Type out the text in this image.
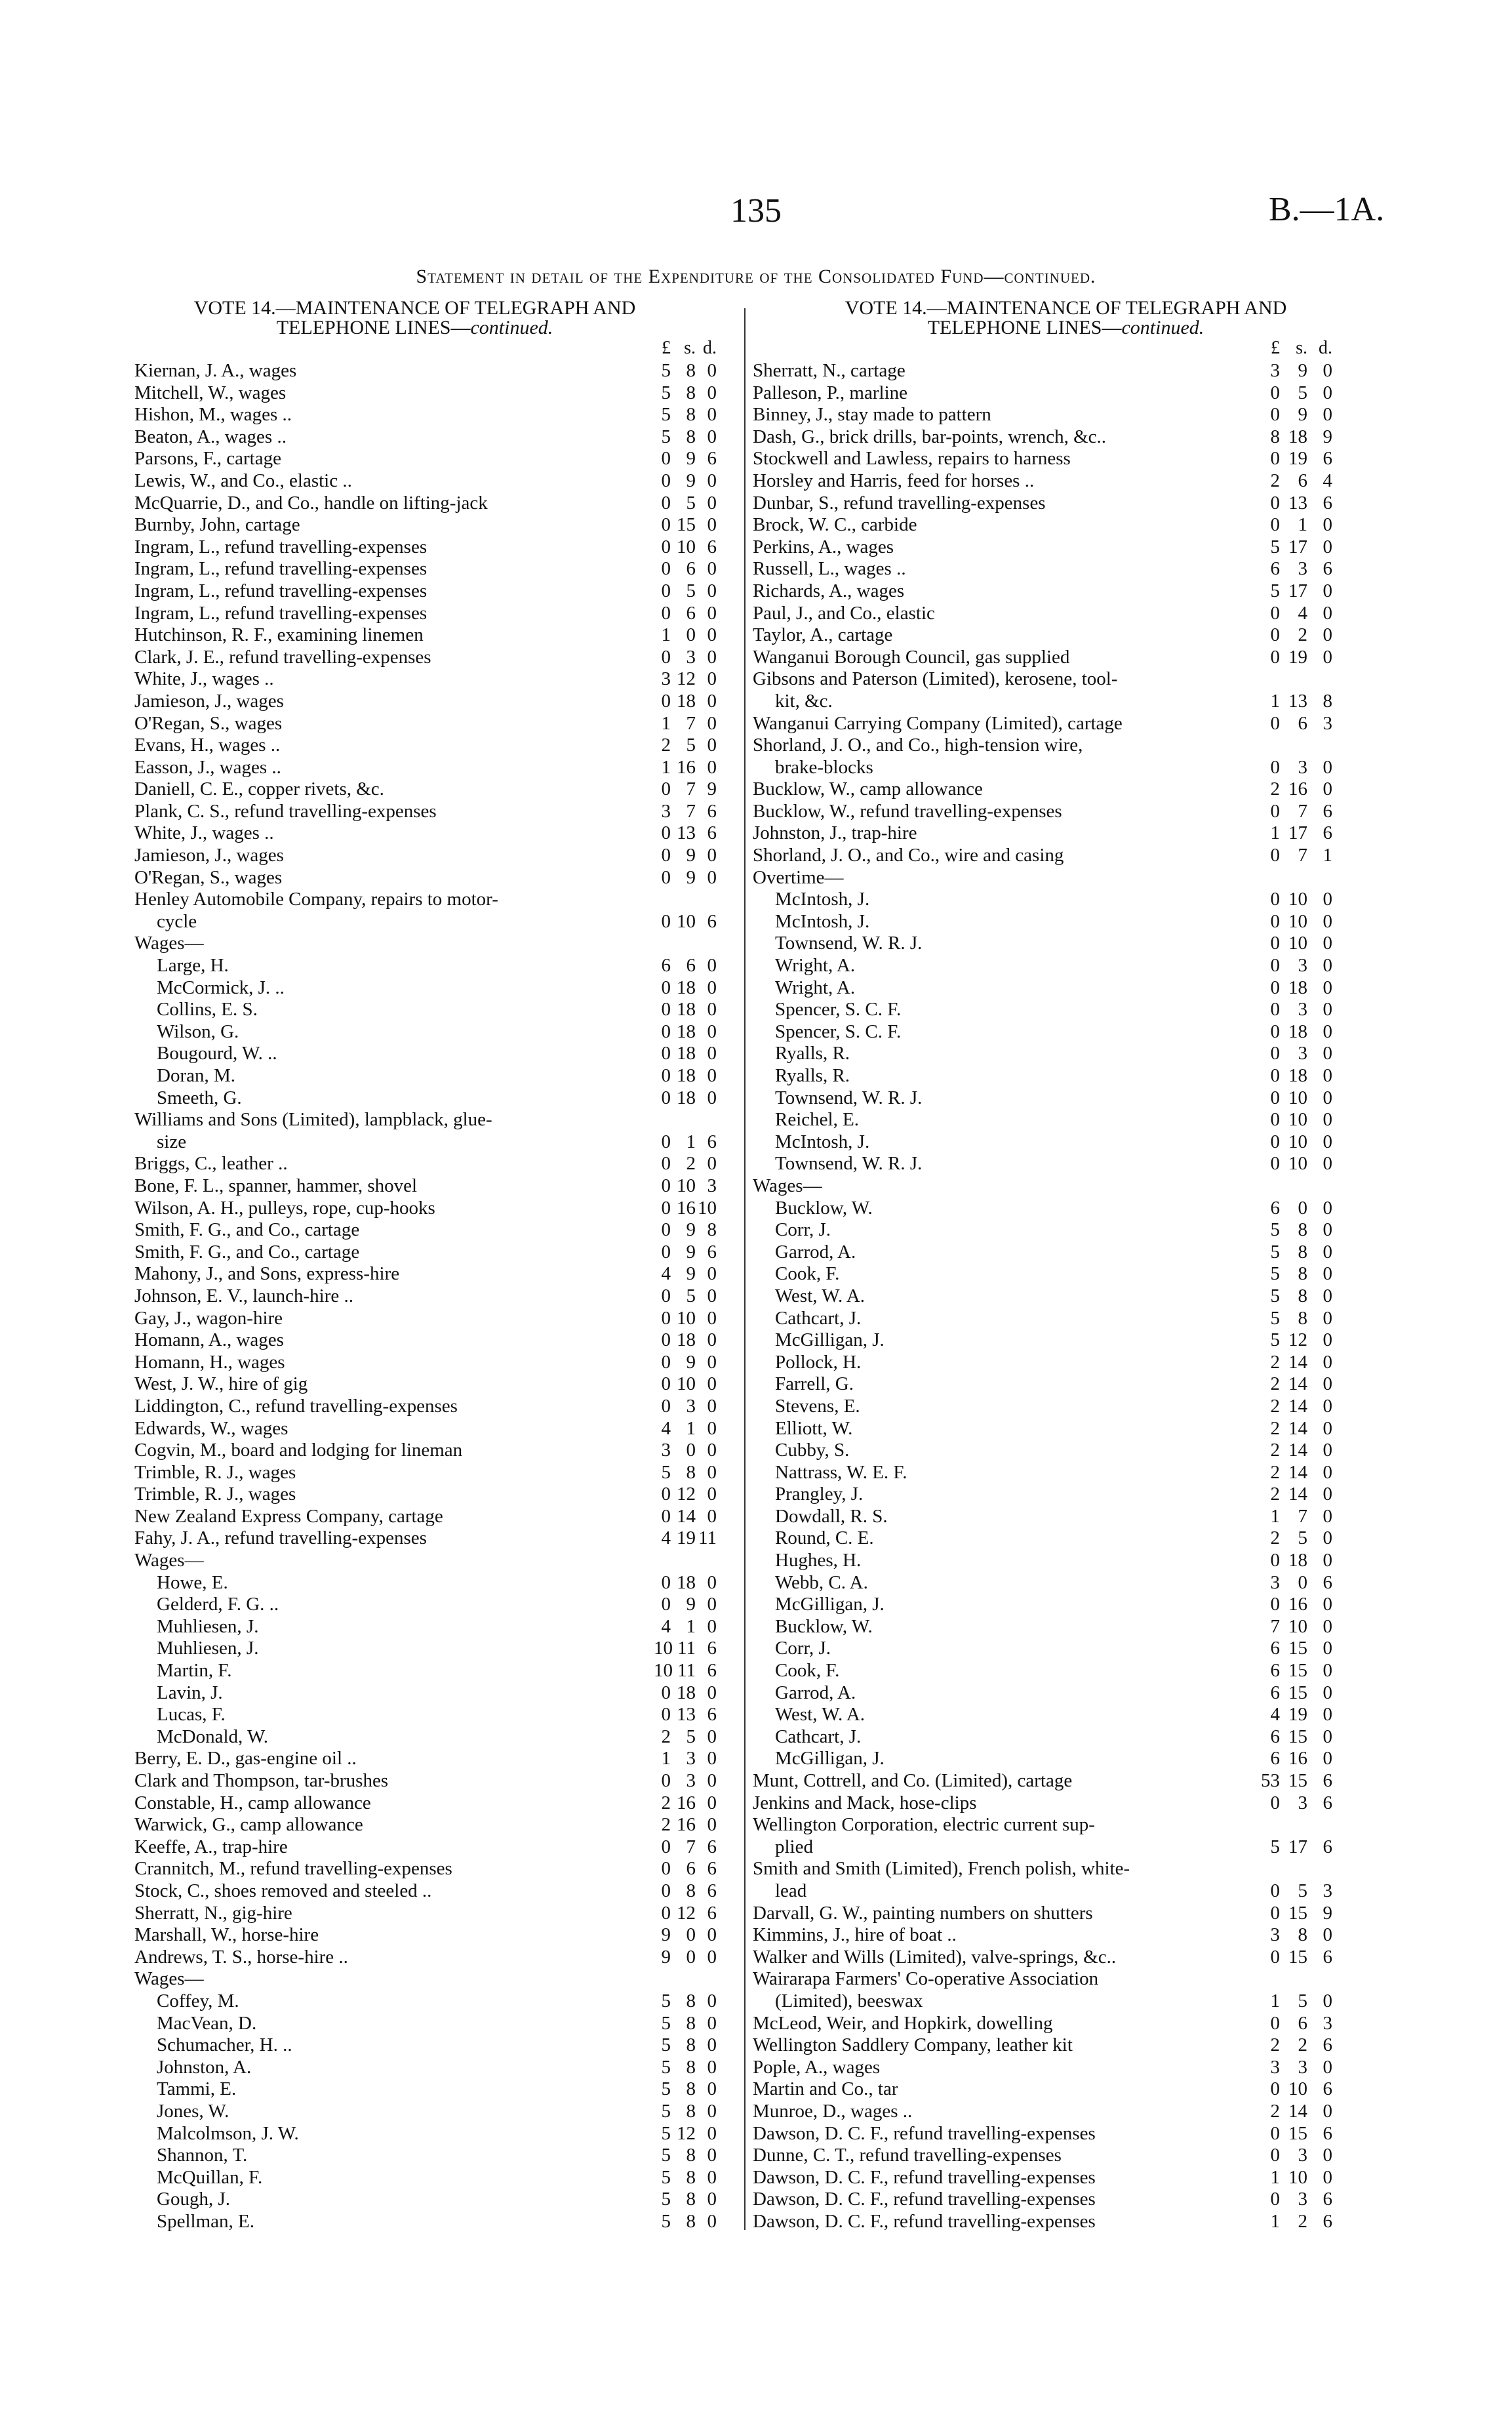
135	B.—1A.
Statement in detail of the Expenditure of the Consolidated Fund—continued.
VOTE 14.—MAINTENANCE OF TELEGRAPH AND
TELEPHONE LINES—continued.
£ s. d.
Kiernan, J. A., wages	5 8 0
Mitchell, W., wages	5 8 0
Hishon, M., wages ..	5 8 0
Beaton, A., wages ..	5 8 0
Parsons, F., cartage	0 9 6
Lewis, W., and Co., elastic ..	0 9 0
McQuarrie, D., and Co., handle on lifting-jack	0 5 0
Burnby, John, cartage	0 15 0
Ingram, L., refund travelling-expenses	0 10 6
Ingram, L., refund travelling-expenses	0 6 0
Ingram, L., refund travelling-expenses	0 5 0
Ingram, L., refund travelling-expenses	0 6 0
Hutchinson, R. F., examining linemen	1 0 0
Clark, J. E., refund travelling-expenses	0 3 0
White, J., wages ..	3 12 0
Jamieson, J., wages	0 18 0
O'Regan, S., wages	1 7 0
Evans, H., wages ..	2 5 0
Easson, J., wages ..	1 16 0
Daniell, C. E., copper rivets, &c.	0 7 9
Plank, C. S., refund travelling-expenses	3 7 6
White, J., wages ..	0 13 6
Jamieson, J., wages	0 9 0
O'Regan, S., wages	0 9 0
Henley Automobile Company, repairs to motor-
cycle	0 10 6
Wages—
Large, H.	6 6 0
McCormick, J. ..	0 18 0
Collins, E. S.	0 18 0
Wilson, G.	0 18 0
Bougourd, W. ..	0 18 0
Doran, M.	0 18 0
Smeeth, G.	0 18 0
Williams and Sons (Limited), lampblack, glue-
size	0 1 6
Briggs, C., leather ..	0 2 0
Bone, F. L., spanner, hammer, shovel	0 10 3
Wilson, A. H., pulleys, rope, cup-hooks	0 16 10
Smith, F. G., and Co., cartage	0 9 8
Smith, F. G., and Co., cartage	0 9 6
Mahony, J., and Sons, express-hire	4 9 0
Johnson, E. V., launch-hire ..	0 5 0
Gay, J., wagon-hire	0 10 0
Homann, A., wages	0 18 0
Homann, H., wages	0 9 0
West, J. W., hire of gig	0 10 0
Liddington, C., refund travelling-expenses	0 3 0
Edwards, W., wages	4 1 0
Cogvin, M., board and lodging for lineman	3 0 0
Trimble, R. J., wages	5 8 0
Trimble, R. J., wages	0 12 0
New Zealand Express Company, cartage	0 14 0
Fahy, J. A., refund travelling-expenses	4 19 11
Wages—
Howe, E.	0 18 0
Gelderd, F. G. ..	0 9 0
Muhliesen, J.	4 1 0
Muhliesen, J.	10 11 6
Martin, F.	10 11 6
Lavin, J.	0 18 0
Lucas, F.	0 13 6
McDonald, W.	2 5 0
Berry, E. D., gas-engine oil ..	1 3 0
Clark and Thompson, tar-brushes	0 3 0
Constable, H., camp allowance	2 16 0
Warwick, G., camp allowance	2 16 0
Keeffe, A., trap-hire	0 7 6
Crannitch, M., refund travelling-expenses	0 6 6
Stock, C., shoes removed and steeled ..	0 8 6
Sherratt, N., gig-hire	0 12 6
Marshall, W., horse-hire	9 0 0
Andrews, T. S., horse-hire ..	9 0 0
Wages—
Coffey, M.	5 8 0
MacVean, D.	5 8 0
Schumacher, H. ..	5 8 0
Johnston, A.	5 8 0
Tammi, E.	5 8 0
Jones, W.	5 8 0
Malcolmson, J. W.	5 12 0
Shannon, T.	5 8 0
McQuillan, F.	5 8 0
Gough, J.	5 8 0
Spellman, E.	5 8 0
VOTE 14.—MAINTENANCE OF TELEGRAPH AND
TELEPHONE LINES—continued.
£ s. d.
Sherratt, N., cartage	3 9 0
Palleson, P., marline	0 5 0
Binney, J., stay made to pattern	0 9 0
Dash, G., brick drills, bar-points, wrench, &c..	8 18 9
Stockwell and Lawless, repairs to harness	0 19 6
Horsley and Harris, feed for horses ..	2 6 4
Dunbar, S., refund travelling-expenses	0 13 6
Brock, W. C., carbide	0 1 0
Perkins, A., wages	5 17 0
Russell, L., wages ..	6 3 6
Richards, A., wages	5 17 0
Paul, J., and Co., elastic	0 4 0
Taylor, A., cartage	0 2 0
Wanganui Borough Council, gas supplied	0 19 0
Gibsons and Paterson (Limited), kerosene, tool-
kit, &c.	1 13 8
Wanganui Carrying Company (Limited), cartage	0 6 3
Shorland, J. O., and Co., high-tension wire,
brake-blocks	0 3 0
Bucklow, W., camp allowance	2 16 0
Bucklow, W., refund travelling-expenses	0 7 6
Johnston, J., trap-hire	1 17 6
Shorland, J. O., and Co., wire and casing	0 7 1
Overtime—
McIntosh, J.	0 10 0
McIntosh, J.	0 10 0
Townsend, W. R. J.	0 10 0
Wright, A.	0 3 0
Wright, A.	0 18 0
Spencer, S. C. F.	0 3 0
Spencer, S. C. F.	0 18 0
Ryalls, R.	0 3 0
Ryalls, R.	0 18 0
Townsend, W. R. J.	0 10 0
Reichel, E.	0 10 0
McIntosh, J.	0 10 0
Townsend, W. R. J.	0 10 0
Wages—
Bucklow, W.	6 0 0
Corr, J.	5 8 0
Garrod, A.	5 8 0
Cook, F.	5 8 0
West, W. A.	5 8 0
Cathcart, J.	5 8 0
McGilligan, J.	5 12 0
Pollock, H.	2 14 0
Farrell, G.	2 14 0
Stevens, E.	2 14 0
Elliott, W.	2 14 0
Cubby, S.	2 14 0
Nattrass, W. E. F.	2 14 0
Prangley, J.	2 14 0
Dowdall, R. S.	1 7 0
Round, C. E.	2 5 0
Hughes, H.	0 18 0
Webb, C. A.	3 0 6
McGilligan, J.	0 16 0
Bucklow, W.	7 10 0
Corr, J.	6 15 0
Cook, F.	6 15 0
Garrod, A.	6 15 0
West, W. A.	4 19 0
Cathcart, J.	6 15 0
McGilligan, J.	6 16 0
Munt, Cottrell, and Co. (Limited), cartage	53 15 6
Jenkins and Mack, hose-clips	0 3 6
Wellington Corporation, electric current sup-
plied	5 17 6
Smith and Smith (Limited), French polish, white-
lead	0 5 3
Darvall, G. W., painting numbers on shutters	0 15 9
Kimmins, J., hire of boat ..	3 8 0
Walker and Wills (Limited), valve-springs, &c..	0 15 6
Wairarapa Farmers' Co-operative Association
(Limited), beeswax	1 5 0
McLeod, Weir, and Hopkirk, dowelling	0 6 3
Wellington Saddlery Company, leather kit	2 2 6
Pople, A., wages	3 3 0
Martin and Co., tar	0 10 6
Munroe, D., wages ..	2 14 0
Dawson, D. C. F., refund travelling-expenses	0 15 6
Dunne, C. T., refund travelling-expenses	0 3 0
Dawson, D. C. F., refund travelling-expenses	1 10 0
Dawson, D. C. F., refund travelling-expenses	0 3 6
Dawson, D. C. F., refund travelling-expenses	1 2 6
